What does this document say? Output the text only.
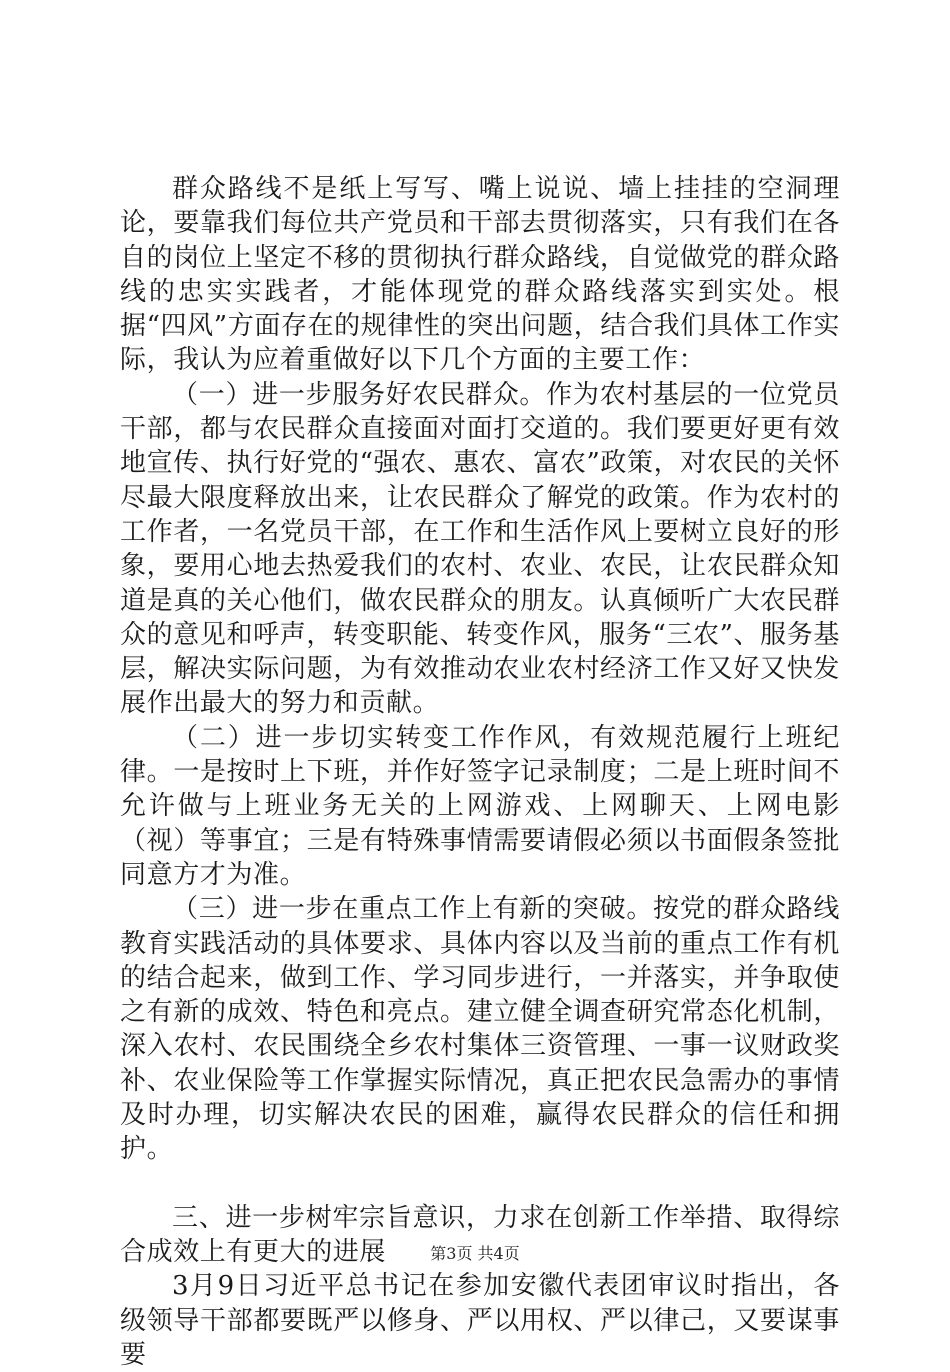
群众路线不是纸上写写、嘴上说说、墙上挂挂的空洞理论，要靠我们每位共产党员和干部去贯彻落实，只有我们在各自的岗位上坚定不移的贯彻执行群众路线，自觉做党的群众路线的忠实实践者，才能体现党的群众路线落实到实处。根据“四风”方面存在的规律性的突出问题，结合我们具体工作实际，我认为应着重做好以下几个方面的主要工作：

（一）进一步服务好农民群众。作为农村基层的一位党员干部，都与农民群众直接面对面打交道的。我们要更好更有效地宣传、执行好党的“强农、惠农、富农”政策，对农民的关怀尽最大限度释放出来，让农民群众了解党的政策。作为农村的工作者，一名党员干部，在工作和生活作风上要树立良好的形象，要用心地去热爱我们的农村、农业、农民，让农民群众知道是真的关心他们，做农民群众的朋友。认真倾听广大农民群众的意见和呼声，转变职能、转变作风，服务“三农”、服务基层，解决实际问题，为有效推动农业农村经济工作又好又快发展作出最大的努力和贡献。

（二）进一步切实转变工作作风，有效规范履行上班纪律。一是按时上下班，并作好签字记录制度；二是上班时间不允许做与上班业务无关的上网游戏、上网聊天、上网电影（视）等事宜；三是有特殊事情需要请假必须以书面假条签批同意方才为准。

（三）进一步在重点工作上有新的突破。按党的群众路线教育实践活动的具体要求、具体内容以及当前的重点工作有机的结合起来，做到工作、学习同步进行，一并落实，并争取使之有新的成效、特色和亮点。建立健全调查研究常态化机制，深入农村、农民围绕全乡农村集体三资管理、一事一议财政奖补、农业保险等工作掌握实际情况，真正把农民急需办的事情及时办理，切实解决农民的困难，赢得农民群众的信任和拥护。

三、进一步树牢宗旨意识，力求在创新工作举措、取得综合成效上有更大的进展

3月9日习近平总书记在参加安徽代表团审议时指出，各级领导干部都要既严以修身、严以用权、严以律己，又要谋事要

第3页 共4页
